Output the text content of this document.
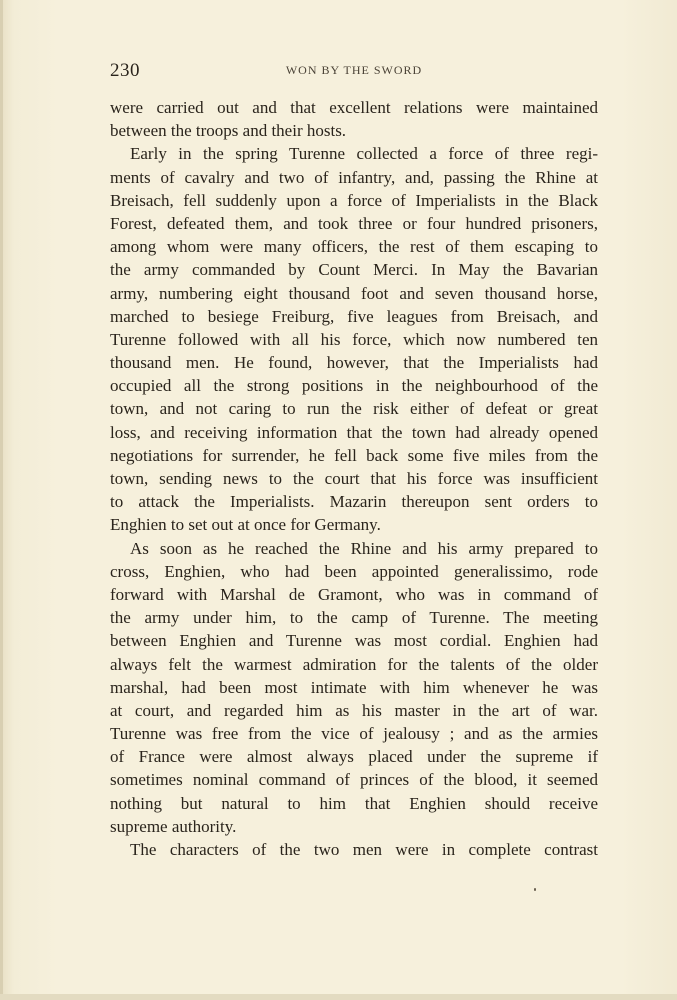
230	WON BY THE SWORD
were carried out and that excellent relations were maintained
between the troops and their hosts.
Early in the spring Turenne collected a force of three regi-
ments of cavalry and two of infantry, and, passing the Rhine at
Breisach, fell suddenly upon a force of Imperialists in the Black
Forest, defeated them, and took three or four hundred prisoners,
among whom were many officers, the rest of them escaping to
the army commanded by Count Merci. In May the Bavarian
army, numbering eight thousand foot and seven thousand horse,
marched to besiege Freiburg, five leagues from Breisach, and
Turenne followed with all his force, which now numbered ten
thousand men. He found, however, that the Imperialists had
occupied all the strong positions in the neighbourhood of the
town, and not caring to run the risk either of defeat or great
loss, and receiving information that the town had already opened
negotiations for surrender, he fell back some five miles from the
town, sending news to the court that his force was insufficient
to attack the Imperialists. Mazarin thereupon sent orders to
Enghien to set out at once for Germany.
As soon as he reached the Rhine and his army prepared to
cross, Enghien, who had been appointed generalissimo, rode
forward with Marshal de Gramont, who was in command of
the army under him, to the camp of Turenne. The meeting
between Enghien and Turenne was most cordial. Enghien had
always felt the warmest admiration for the talents of the older
marshal, had been most intimate with him whenever he was
at court, and regarded him as his master in the art of war.
Turenne was free from the vice of jealousy ; and as the armies
of France were almost always placed under the supreme if
sometimes nominal command of princes of the blood, it seemed
nothing but natural to him that Enghien should receive
supreme authority.
The characters of the two men were in complete contrast
